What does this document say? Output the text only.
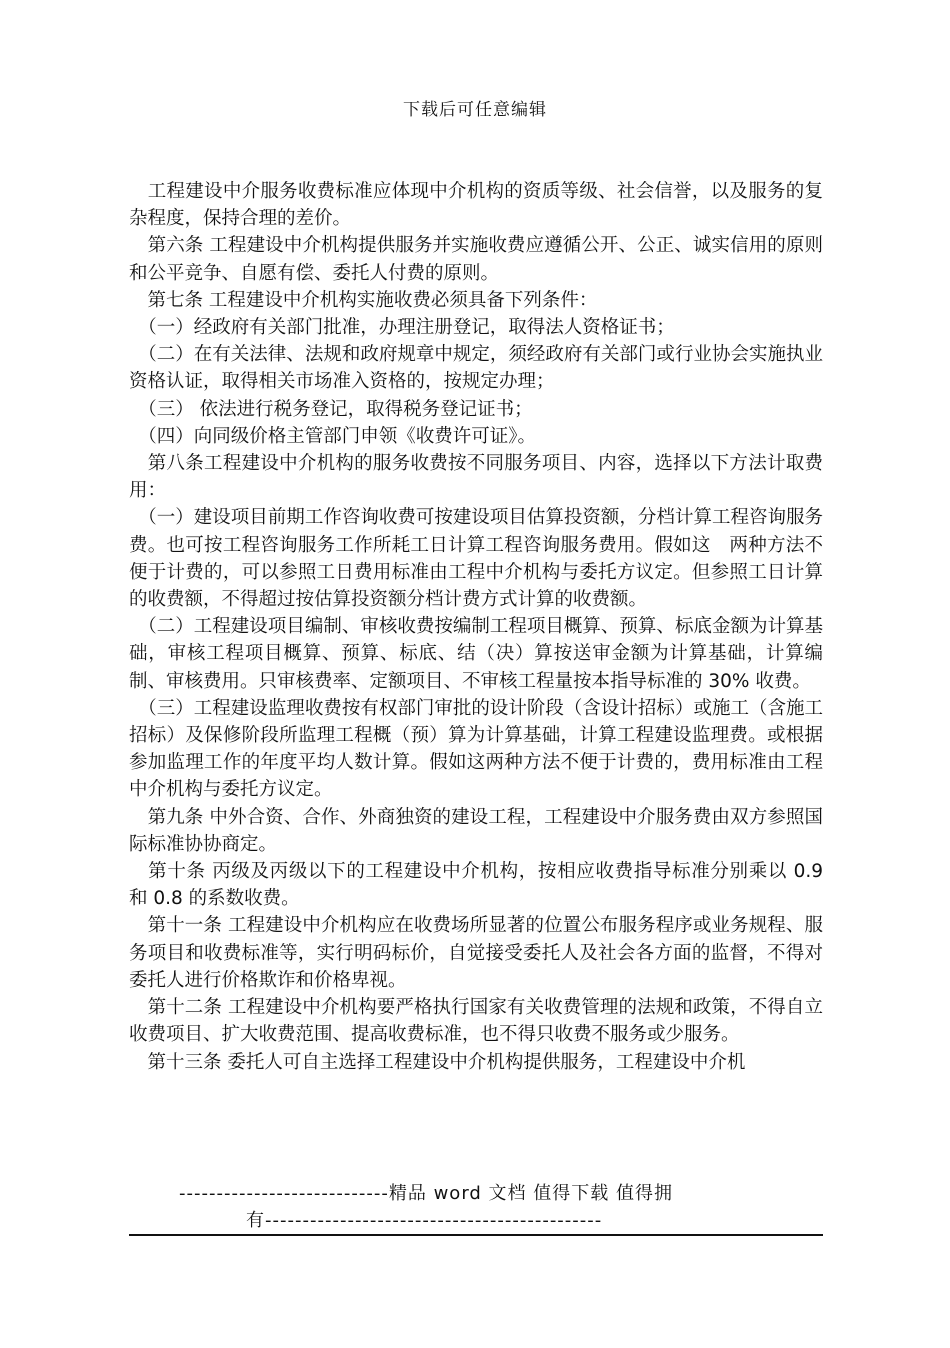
下载后可任意编辑

　工程建设中介服务收费标准应体现中介机构的资质等级、社会信誉，以及服务的复杂程度，保持合理的差价。

　第六条 工程建设中介机构提供服务并实施收费应遵循公开、公正、诚实信用的原则和公平竞争、自愿有偿、委托人付费的原则。

　第七条 工程建设中介机构实施收费必须具备下列条件：

　（一）经政府有关部门批准，办理注册登记，取得法人资格证书；

　（二）在有关法律、法规和政府规章中规定，须经政府有关部门或行业协会实施执业资格认证，取得相关市场准入资格的，按规定办理；

　（三） 依法进行税务登记，取得税务登记证书；

　（四）向同级价格主管部门申领《收费许可证》。

　第八条工程建设中介机构的服务收费按不同服务项目、内容，选择以下方法计取费用：

　（一）建设项目前期工作咨询收费可按建设项目估算投资额，分档计算工程咨询服务费。也可按工程咨询服务工作所耗工日计算工程咨询服务费用。假如这　两种方法不便于计费的，可以参照工日费用标准由工程中介机构与委托方议定。但参照工日计算的收费额，不得超过按估算投资额分档计费方式计算的收费额。

　（二）工程建设项目编制、审核收费按编制工程项目概算、预算、标底金额为计算基础，审核工程项目概算、预算、标底、结（决）算按送审金额为计算基础，计算编制、审核费用。只审核费率、定额项目、不审核工程量按本指导标准的 30% 收费。

　（三）工程建设监理收费按有权部门审批的设计阶段（含设计招标）或施工（含施工招标）及保修阶段所监理工程概（预）算为计算基础，计算工程建设监理费。或根据参加监理工作的年度平均人数计算。假如这两种方法不便于计费的，费用标准由工程中介机构与委托方议定。

　第九条 中外合资、合作、外商独资的建设工程，工程建设中介服务费由双方参照国际标准协协商定。

　第十条 丙级及丙级以下的工程建设中介机构，按相应收费指导标准分别乘以 0.9 和 0.8 的系数收费。

　第十一条 工程建设中介机构应在收费场所显著的位置公布服务程序或业务规程、服务项目和收费标准等，实行明码标价，自觉接受委托人及社会各方面的监督，不得对委托人进行价格欺诈和价格卑视。

　第十二条 工程建设中介机构要严格执行国家有关收费管理的法规和政策，不得自立收费项目、扩大收费范围、提高收费标准，也不得只收费不服务或少服务。

　第十三条 委托人可自主选择工程建设中介机构提供服务，工程建设中介机

----------------------------精品 word 文档 值得下载 值得拥
有---------------------------------------------
